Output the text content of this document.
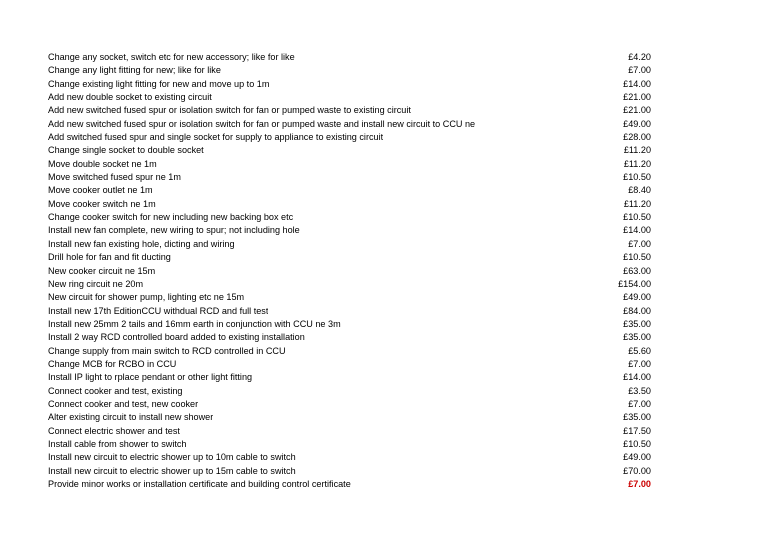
Change any socket, switch etc for new accessory; like for like	£4.20
Change any light fitting for new; like for like	£7.00
Change existing light fitting for new and move up to 1m	£14.00
Add new double socket to existing circuit	£21.00
Add new switched fused spur or isolation switch for fan or pumped waste to existing circuit	£21.00
Add new switched fused spur or isolation switch for fan or pumped waste and install new circuit to CCU ne	£49.00
Add switched fused spur and single socket for supply to appliance to existing circuit	£28.00
Change single socket to double socket	£11.20
Move double socket ne 1m	£11.20
Move switched fused spur ne 1m	£10.50
Move cooker outlet ne 1m	£8.40
Move cooker switch ne 1m	£11.20
Change cooker switch for new including new backing box etc	£10.50
Install new fan complete, new wiring to spur; not including hole	£14.00
Install new fan existing hole, dicting and wiring	£7.00
Drill hole for fan and fit ducting	£10.50
New cooker circuit ne 15m	£63.00
New ring circuit ne 20m	£154.00
New circuit for shower pump, lighting etc ne 15m	£49.00
Install new 17th EditionCCU withdual RCD and full test	£84.00
Install new 25mm 2 tails and 16mm earth in conjunction with CCU ne 3m	£35.00
Install 2 way RCD controlled board added to existing installation	£35.00
Change supply from main switch to RCD controlled in CCU	£5.60
Change MCB for RCBO in CCU	£7.00
Install IP light to rplace pendant or other light fitting	£14.00
Connect cooker and test, existing	£3.50
Connect cooker and test, new cooker	£7.00
Alter existing circuit to install new shower	£35.00
Connect electric shower and test	£17.50
Install cable from shower to switch	£10.50
Install new circuit to electric shower up to 10m cable to switch	£49.00
Install new circuit to electric shower up to 15m cable to switch	£70.00
Provide minor works or installation certificate and building control certificate	£7.00
